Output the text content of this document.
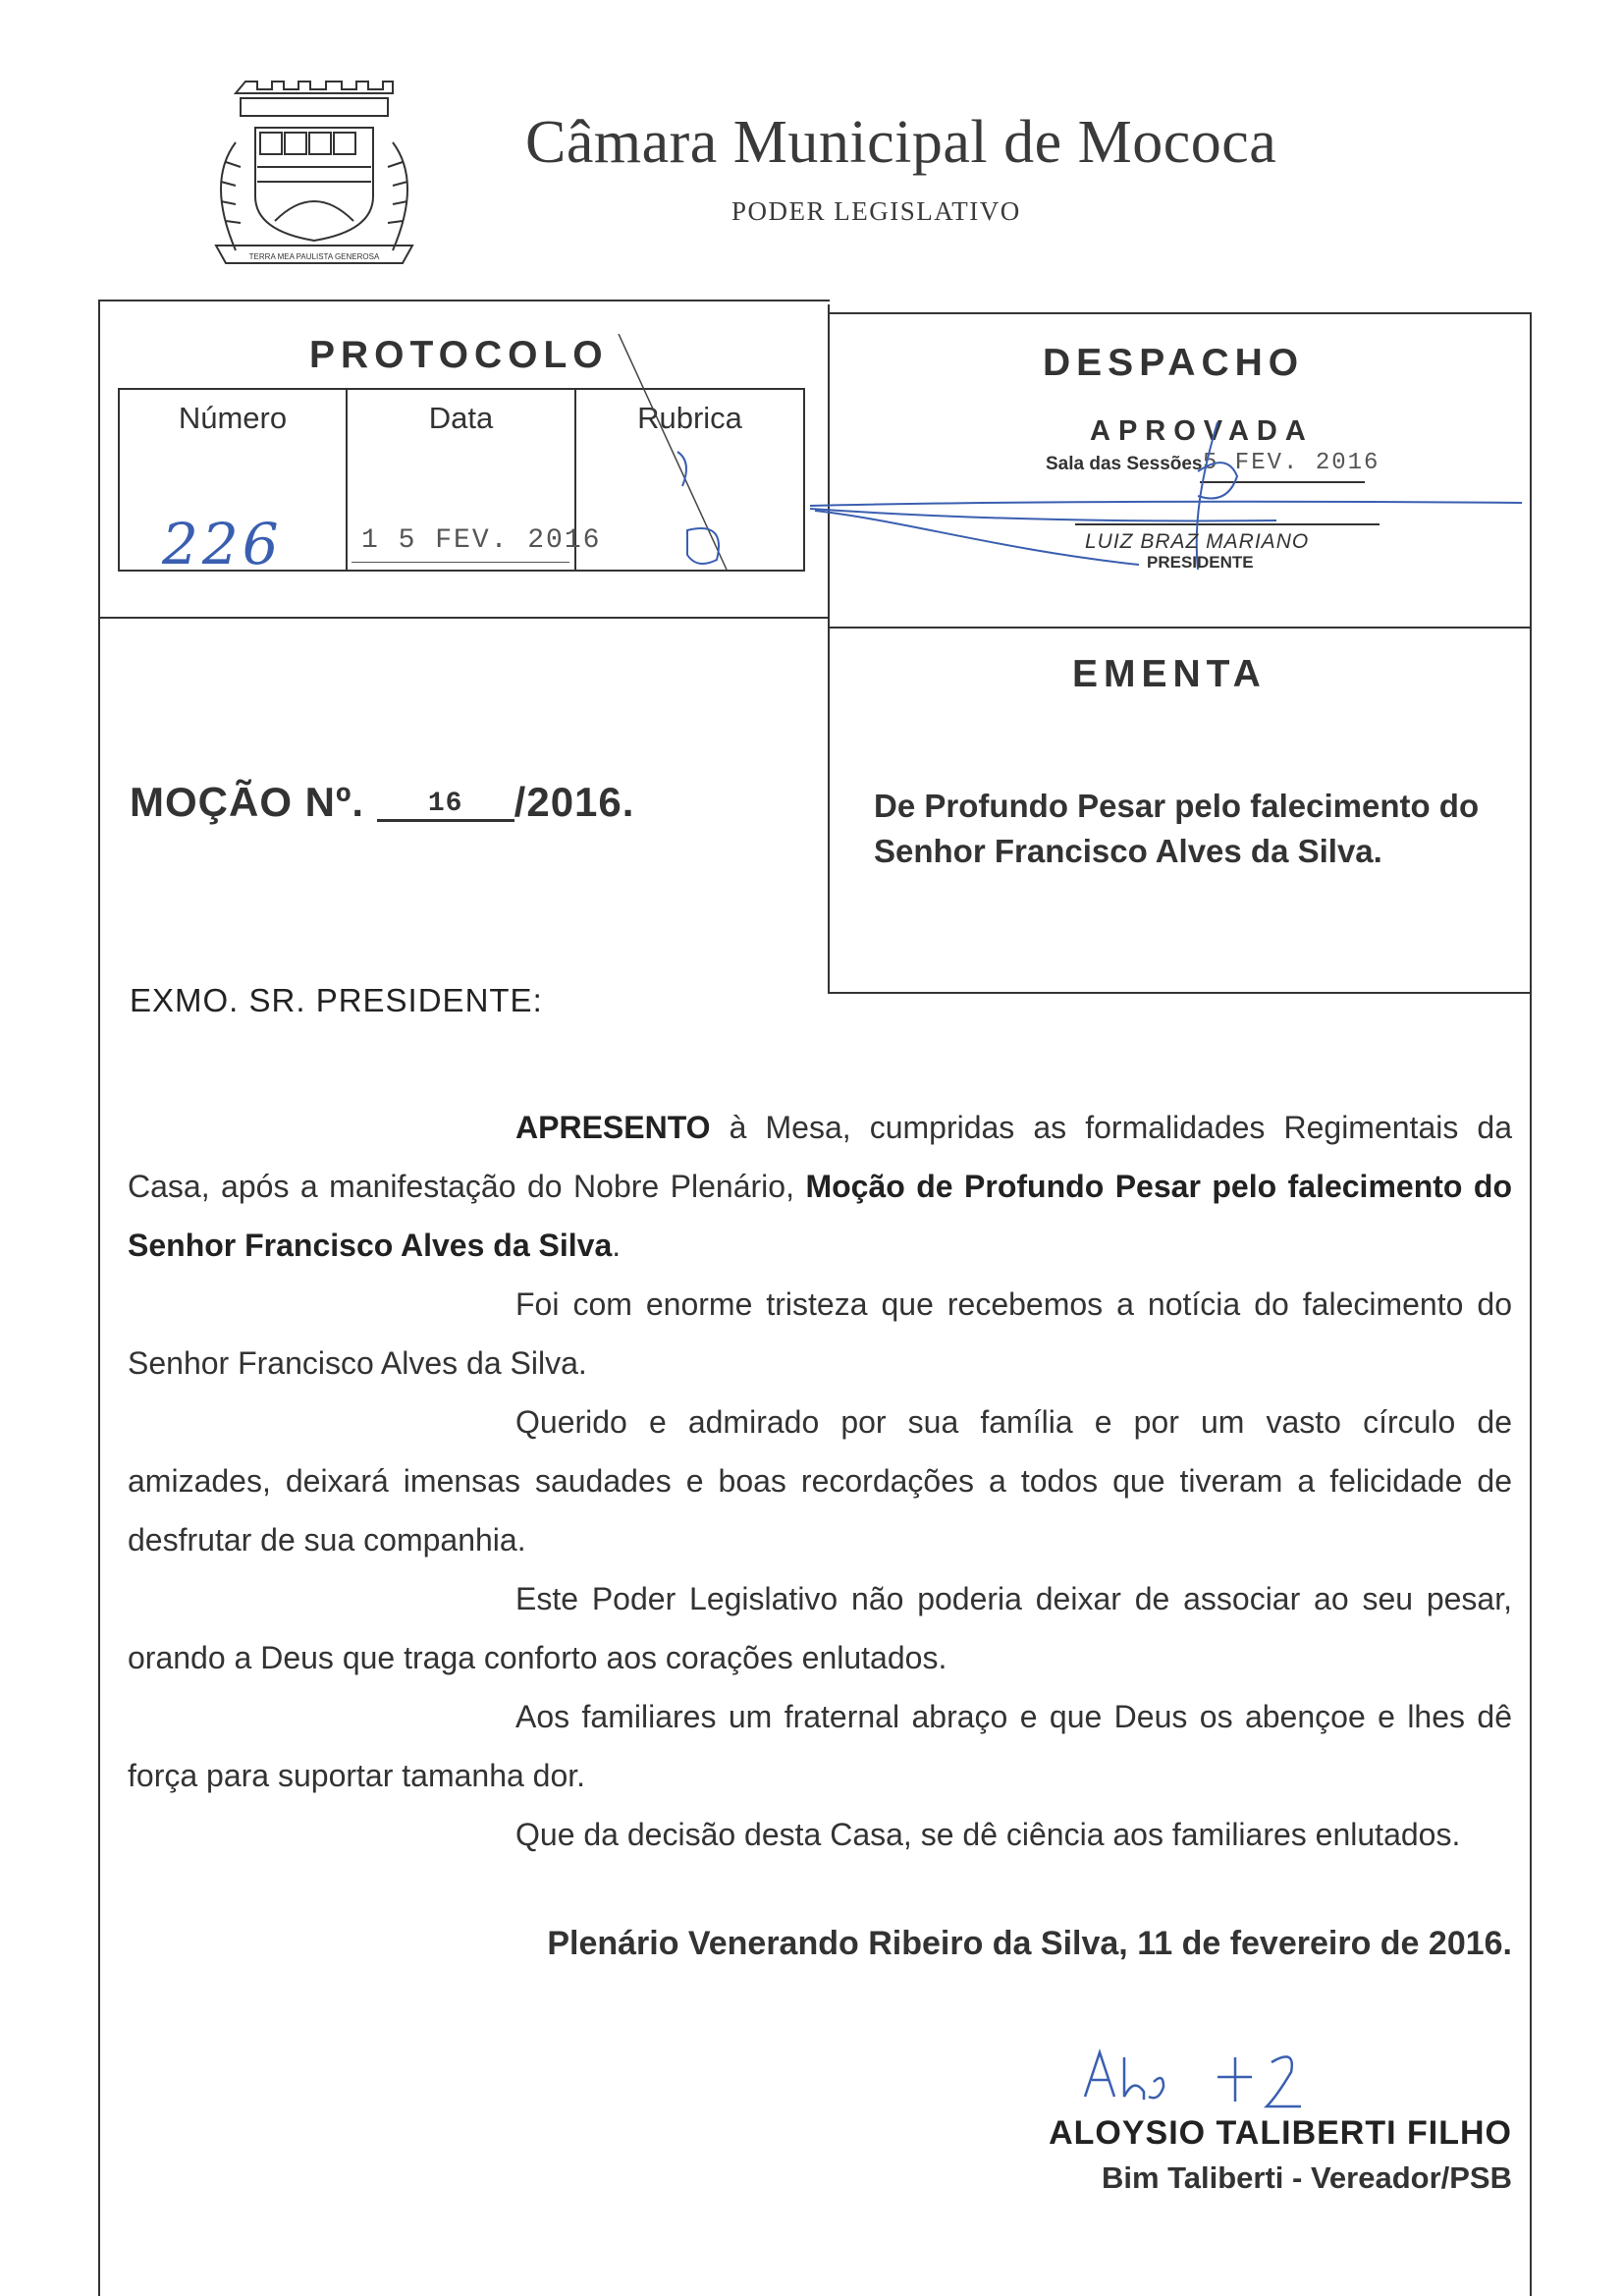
TERRA MEA PAULISTA GENEROSA
Câmara Municipal de Mococa
PODER LEGISLATIVO
PROTOCOLO
Número	Data	Rubrica
226	1 5 FEV. 2016
DESPACHO
APROVADA
Sala das Sessões 5 FEV. 2016
LUIZ BRAZ MARIANO
PRESIDENTE
EMENTA
De Profundo Pesar pelo falecimento do Senhor Francisco Alves da Silva.
MOÇÃO Nº. 16 /2016.
EXMO. SR. PRESIDENTE:

APRESENTO à Mesa, cumpridas as formalidades Regimentais da Casa, após a manifestação do Nobre Plenário, Moção de Profundo Pesar pelo falecimento do Senhor Francisco Alves da Silva.

Foi com enorme tristeza que recebemos a notícia do falecimento do Senhor Francisco Alves da Silva.

Querido e admirado por sua família e por um vasto círculo de amizades, deixará imensas saudades e boas recordações a todos que tiveram a felicidade de desfrutar de sua companhia.

Este Poder Legislativo não poderia deixar de associar ao seu pesar, orando a Deus que traga conforto aos corações enlutados.

Aos familiares um fraternal abraço e que Deus os abençoe e lhes dê força para suportar tamanha dor.

Que da decisão desta Casa, se dê ciência aos familiares enlutados.

Plenário Venerando Ribeiro da Silva, 11 de fevereiro de 2016.
ALOYSIO TALIBERTI FILHO
Bim Taliberti - Vereador/PSB
